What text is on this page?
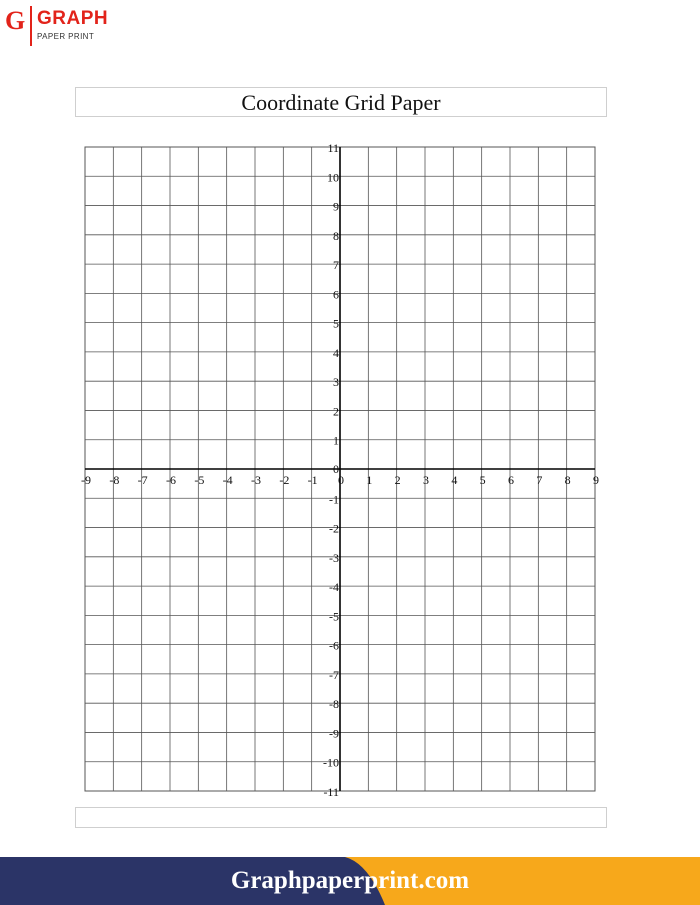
G GRAPH
PAPER PRINT
Coordinate Grid Paper
-9 -8 -7 -6 -5 -4 -3 -2 -1 0 1 2 3 4 5 6 7 8 9
11
10
9
8
7
6
5
4
3
2
1
-1
-2
-3
-4
-5
-6
-7
-8
-9
-10
-11
0
Graphpaperprint.com
